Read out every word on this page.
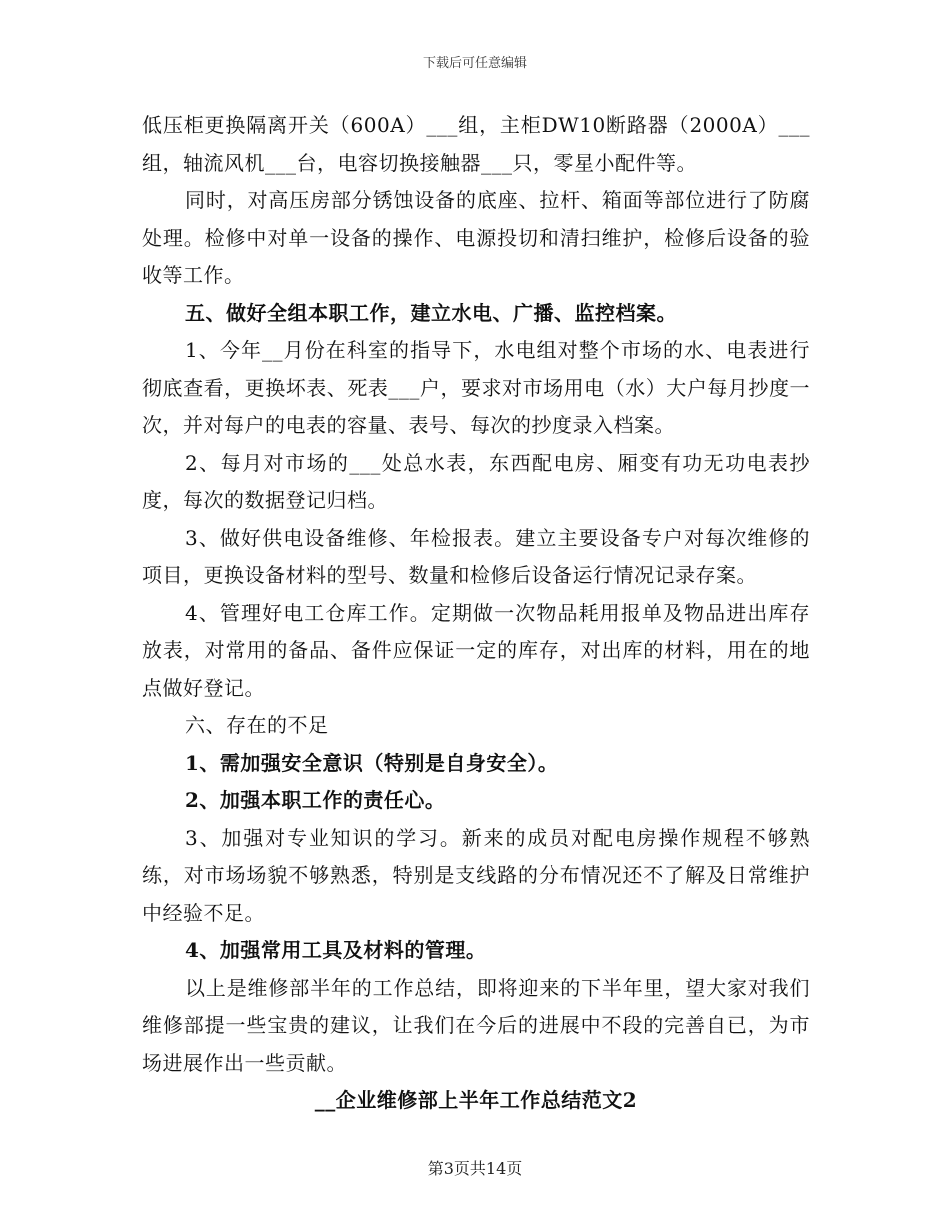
下载后可任意编辑

低压柜更换隔离开关（600A）___组，主柜DW10断路器（2000A）___组，轴流风机___台，电容切换接触器___只，零星小配件等。

同时，对高压房部分锈蚀设备的底座、拉杆、箱面等部位进行了防腐处理。检修中对单一设备的操作、电源投切和清扫维护，检修后设备的验收等工作。

五、做好全组本职工作，建立水电、广播、监控档案。

1、今年__月份在科室的指导下，水电组对整个市场的水、电表进行彻底查看，更换坏表、死表___户，要求对市场用电（水）大户每月抄度一次，并对每户的电表的容量、表号、每次的抄度录入档案。

2、每月对市场的___处总水表，东西配电房、厢变有功无功电表抄度，每次的数据登记归档。

3、做好供电设备维修、年检报表。建立主要设备专户对每次维修的项目，更换设备材料的型号、数量和检修后设备运行情况记录存案。

4、管理好电工仓库工作。定期做一次物品耗用报单及物品进出库存放表，对常用的备品、备件应保证一定的库存，对出库的材料，用在的地点做好登记。

六、存在的不足

1、需加强安全意识（特别是自身安全）。

2、加强本职工作的责任心。

3、加强对专业知识的学习。新来的成员对配电房操作规程不够熟练，对市场场貌不够熟悉，特别是支线路的分布情况还不了解及日常维护中经验不足。

4、加强常用工具及材料的管理。

以上是维修部半年的工作总结，即将迎来的下半年里，望大家对我们维修部提一些宝贵的建议，让我们在今后的进展中不段的完善自已，为市场进展作出一些贡献。

__企业维修部上半年工作总结范文2

第3页共14页
